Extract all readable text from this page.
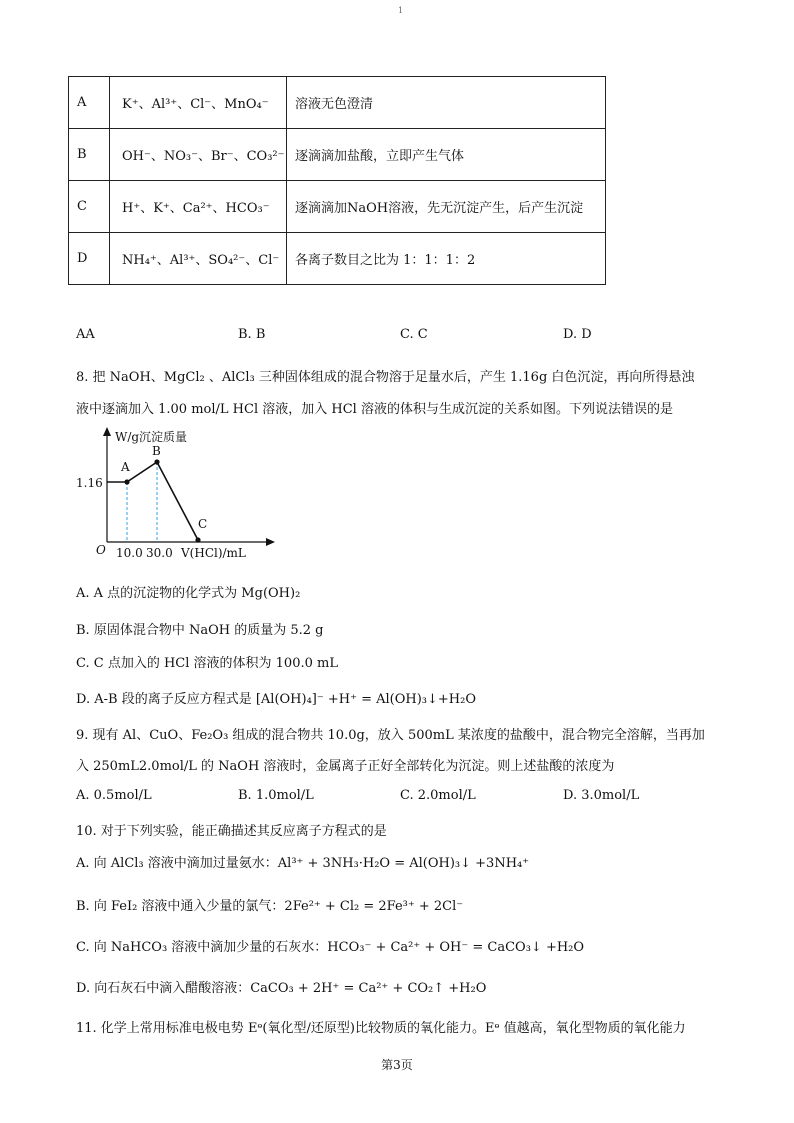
1
A	K⁺、Al³⁺、Cl⁻、MnO₄⁻	溶液无色澄清
B	OH⁻、NO₃⁻、Br⁻、CO₃²⁻	逐滴滴加盐酸，立即产生气体
C	H⁺、K⁺、Ca²⁺、HCO₃⁻	逐滴滴加NaOH溶液，先无沉淀产生，后产生沉淀
D	NH₄⁺、Al³⁺、SO₄²⁻、Cl⁻	各离子数目之比为 1：1：1：2
AA	B. B	C. C	D. D
8. 把 NaOH、MgCl₂ 、AlCl₃ 三种固体组成的混合物溶于足量水后，产生 1.16g 白色沉淀，再向所得悬浊
液中逐滴加入 1.00 mol/L HCl 溶液，加入 HCl 溶液的体积与生成沉淀的关系如图。下列说法错误的是
W/g沉淀质量
V(HCl)/mL
O
1.16
10.0 30.0
A
B
C
A. A 点的沉淀物的化学式为 Mg(OH)₂
B. 原固体混合物中 NaOH 的质量为 5.2 g
C. C 点加入的 HCl 溶液的体积为 100.0 mL
D. A-B 段的离子反应方程式是 [Al(OH)₄]⁻ +H⁺ = Al(OH)₃↓+H₂O
9. 现有 Al、CuO、Fe₂O₃ 组成的混合物共 10.0g，放入 500mL 某浓度的盐酸中，混合物完全溶解，当再加
入 250mL2.0mol/L 的 NaOH 溶液时，金属离子正好全部转化为沉淀。则上述盐酸的浓度为
A. 0.5mol/L	B. 1.0mol/L	C. 2.0mol/L	D. 3.0mol/L
10. 对于下列实验，能正确描述其反应离子方程式的是
A. 向 AlCl₃ 溶液中滴加过量氨水：Al³⁺ + 3NH₃·H₂O = Al(OH)₃↓ +3NH₄⁺
B. 向 FeI₂ 溶液中通入少量的氯气：2Fe²⁺ + Cl₂ = 2Fe³⁺ + 2Cl⁻
C. 向 NaHCO₃ 溶液中滴加少量的石灰水：HCO₃⁻ + Ca²⁺ + OH⁻ = CaCO₃↓ +H₂O
D. 向石灰石中滴入醋酸溶液：CaCO₃ + 2H⁺ = Ca²⁺ + CO₂↑ +H₂O
11. 化学上常用标准电极电势 Eᶱ(氧化型/还原型)比较物质的氧化能力。Eᶱ 值越高，氧化型物质的氧化能力
第3页
